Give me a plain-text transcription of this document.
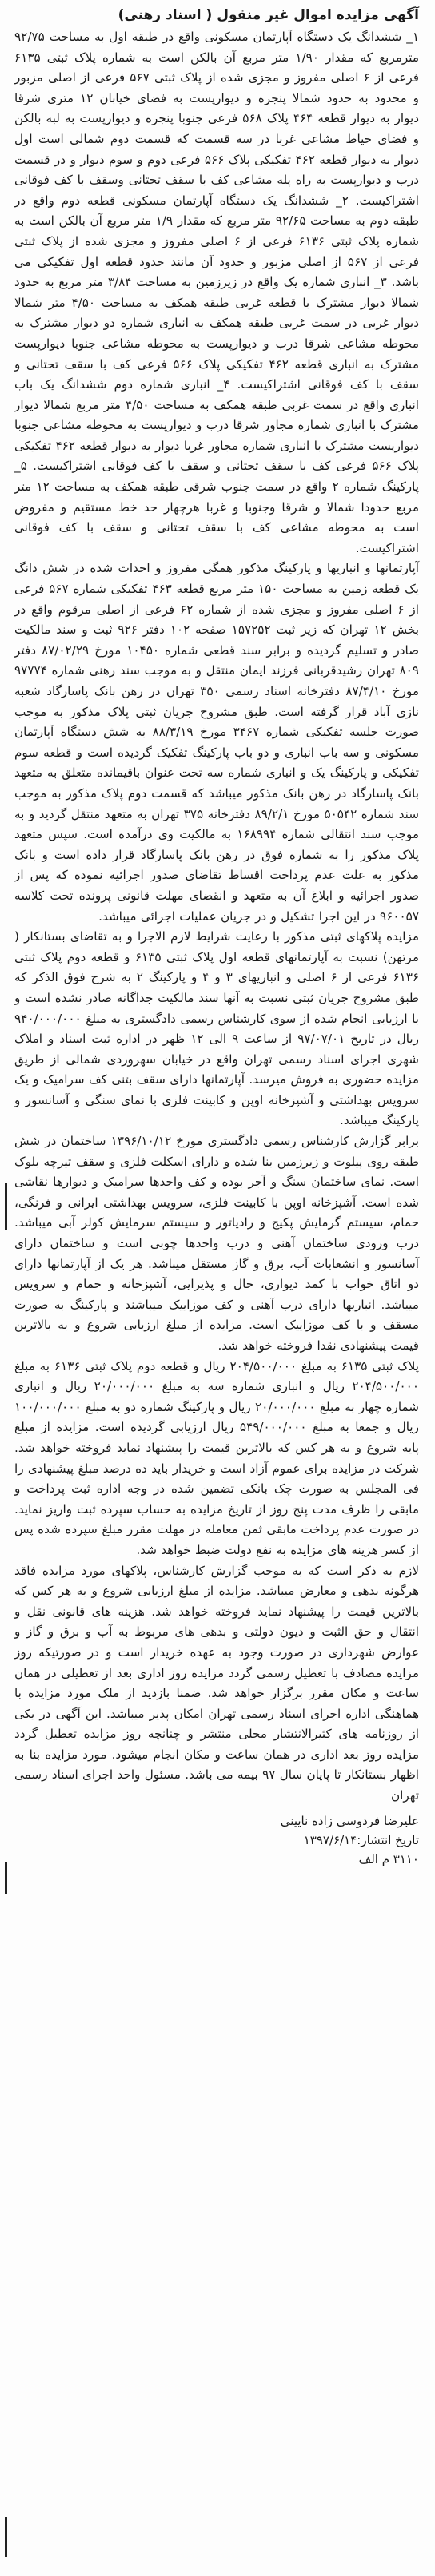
آگهی مزایده اموال غیر منقول ( اسناد رهنی)

۱_ ششدانگ یک دستگاه آپارتمان مسکونی واقع در طبقه اول به مساحت ۹۲/۷۵ مترمربع که مقدار ۱/۹۰ متر مربع آن بالکن است به شماره پلاک ثبتی ۶۱۳۵ فرعی از ۶ اصلی مفروز و مجزی شده از پلاک ثبتی ۵۶۷ فرعی از اصلی مزبور و محدود به حدود شمالا پنجره و دیوارپست به فضای خیابان ۱۲ متری شرقا دیوار به دیوار قطعه ۴۶۴ پلاک ۵۶۸ فرعی جنوبا پنجره و دیوارپست به لبه بالکن و فضای حیاط مشاعی غربا در سه قسمت که قسمت دوم شمالی است اول دیوار به دیوار قطعه ۴۶۲ تفکیکی پلاک ۵۶۶ فرعی دوم و سوم دیوار و در قسمت درب و دیوارپست به راه پله مشاعی کف با سقف تحتانی وسقف با کف فوقانی اشتراکیست. ۲_ ششدانگ یک دستگاه آپارتمان مسکونی قطعه دوم واقع در طبقه دوم به مساحت ۹۲/۶۵ متر مربع که مقدار ۱/۹ متر مربع آن بالکن است به شماره پلاک ثبتی ۶۱۳۶ فرعی از ۶ اصلی مفروز و مجزی شده از پلاک ثبتی فرعی از ۵۶۷ از اصلی مزبور و حدود آن مانند حدود قطعه اول تفکیکی می باشد. ۳_ انباری شماره یک واقع در زیرزمین به مساحت ۳/۸۴ متر مربع به حدود شمالا دیوار مشترک با قطعه غربی طبقه همکف به مساحت ۴/۵۰ متر شمالا دیوار غربی در سمت غربی طبقه همکف به انباری شماره دو دیوار مشترک به محوطه مشاعی شرقا درب و دیوارپست به محوطه مشاعی جنوبا دیوارپست مشترک به انباری قطعه ۴۶۲ تفکیکی پلاک ۵۶۶ فرعی کف با سقف تحتانی و سقف با کف فوقانی اشتراکیست. ۴_ انباری شماره دوم ششدانگ یک باب انباری واقع در سمت غربی طبقه همکف به مساحت ۴/۵۰ متر مربع شمالا دیوار مشترک با انباری شماره مجاور شرقا درب و دیوارپست به محوطه مشاعی جنوبا دیوارپست مشترک با انباری شماره مجاور غربا دیوار به دیوار قطعه ۴۶۲ تفکیکی پلاک ۵۶۶ فرعی کف با سقف تحتانی و سقف با کف فوقانی اشتراکیست. ۵_ پارکینگ شماره ۲ واقع در سمت جنوب شرقی طبقه همکف به مساحت ۱۲ متر مربع حدودا شمالا و شرقا وجنوبا و غربا هرچهار حد خط مستقیم و مفروض است به محوطه مشاعی کف با سقف تحتانی و سقف با کف فوقانی اشتراکیست.

آپارتمانها و انباریها و پارکینگ مذکور همگی مفروز و احداث شده در شش دانگ یک قطعه زمین به مساحت ۱۵۰ متر مربع قطعه ۴۶۳ تفکیکی شماره ۵۶۷ فرعی از ۶ اصلی مفروز و مجزی شده از شماره ۶۲ فرعی از اصلی مرقوم واقع در بخش ۱۲ تهران که زیر ثبت ۱۵۷۲۵۲ صفحه ۱۰۲ دفتر ۹۲۶ ثبت و سند مالکیت صادر و تسلیم گردیده و برابر سند قطعی شماره ۱۰۴۵۰ مورخ ۸۷/۰۲/۲۹ دفتر ۸۰۹ تهران رشیدقربانی فرزند ایمان منتقل و به موجب سند رهنی شماره ۹۷۷۷۴ مورخ ۸۷/۴/۱۰ دفترخانه اسناد رسمی ۳۵۰ تهران در رهن بانک پاسارگاد شعبه نازی آباد قرار گرفته است. طبق مشروح جریان ثبتی پلاک مذکور به موجب صورت جلسه تفکیکی شماره ۳۴۶۷ مورخ ۸۸/۳/۱۹ به شش دستگاه آپارتمان مسکونی و سه باب انباری و دو باب پارکینگ تفکیک گردیده است و قطعه سوم تفکیکی و پارکینگ یک و انباری شماره سه تحت عنوان باقیمانده متعلق به متعهد بانک پاسارگاد در رهن بانک مذکور میباشد که قسمت دوم پلاک مذکور به موجب سند شماره ۵۰۵۴۲ مورخ ۸۹/۲/۱ دفترخانه ۳۷۵ تهران به متعهد منتقل گردید و به موجب سند انتقالی شماره ۱۶۸۹۹۴ به مالکیت وی درآمده است. سپس متعهد پلاک مذکور را به شماره فوق در رهن بانک پاسارگاد قرار داده است و بانک مذکور به علت عدم پرداخت اقساط تقاضای صدور اجرائیه نموده که پس از صدور اجرائیه و ابلاغ آن به متعهد و انقضای مهلت قانونی پرونده تحت کلاسه ۹۶۰۰۵۷ در این اجرا تشکیل و در جریان عملیات اجرائی میباشد.

مزایده پلاکهای ثبتی مذکور با رعایت شرایط لازم الاجرا و به تقاضای بستانکار ( مرتهن) نسبت به آپارتمانهای قطعه اول پلاک ثبتی ۶۱۳۵ و قطعه دوم پلاک ثبتی ۶۱۳۶ فرعی از ۶ اصلی و انباریهای ۳ و ۴ و پارکینگ ۲ به شرح فوق الذکر که طبق مشروح جریان ثبتی نسبت به آنها سند مالکیت جداگانه صادر نشده است و با ارزیابی انجام شده از سوی کارشناس رسمی دادگستری به مبلغ ۹۴۰/۰۰۰/۰۰۰ ریال در تاریخ ۹۷/۰۷/۰۱ از ساعت ۹ الی ۱۲ ظهر در اداره ثبت اسناد و املاک شهری اجرای اسناد رسمی تهران واقع در خیابان سهروردی شمالی از طریق مزایده حضوری به فروش میرسد. آپارتمانها دارای سقف بتنی کف سرامیک و یک سرویس بهداشتی و آشپزخانه اوپن و کابینت فلزی با نمای سنگی و آسانسور و پارکینگ میباشد.

برابر گزارش کارشناس رسمی دادگستری مورخ ۱۳۹۶/۱۰/۱۲ ساختمان در شش طبقه روی پیلوت و زیرزمین بنا شده و دارای اسکلت فلزی و سقف تیرچه بلوک است. نمای ساختمان سنگ و آجر بوده و کف واحدها سرامیک و دیوارها نقاشی شده است. آشپزخانه اوپن با کابینت فلزی، سرویس بهداشتی ایرانی و فرنگی، حمام، سیستم گرمایش پکیج و رادیاتور و سیستم سرمایش کولر آبی میباشد. درب ورودی ساختمان آهنی و درب واحدها چوبی است و ساختمان دارای آسانسور و انشعابات آب، برق و گاز مستقل میباشد. هر یک از آپارتمانها دارای دو اتاق خواب با کمد دیواری، حال و پذیرایی، آشپزخانه و حمام و سرویس میباشد. انباریها دارای درب آهنی و کف موزاییک میباشند و پارکینگ به صورت مسقف و با کف موزاییک است. مزایده از مبلغ ارزیابی شروع و به بالاترین قیمت پیشنهادی نقدا فروخته خواهد شد.

پلاک ثبتی ۶۱۳۵ به مبلغ ۲۰۴/۵۰۰/۰۰۰ ریال و قطعه دوم پلاک ثبتی ۶۱۳۶ به مبلغ ۲۰۴/۵۰۰/۰۰۰ ریال و انباری شماره سه به مبلغ ۲۰/۰۰۰/۰۰۰ ریال و انباری شماره چهار به مبلغ ۲۰/۰۰۰/۰۰۰ ریال و پارکینگ شماره دو به مبلغ ۱۰۰/۰۰۰/۰۰۰ ریال و جمعا به مبلغ ۵۴۹/۰۰۰/۰۰۰ ریال ارزیابی گردیده است. مزایده از مبلغ پایه شروع و به هر کس که بالاترین قیمت را پیشنهاد نماید فروخته خواهد شد. شرکت در مزایده برای عموم آزاد است و خریدار باید ده درصد مبلغ پیشنهادی را فی المجلس به صورت چک بانکی تضمین شده در وجه اداره ثبت پرداخت و مابقی را ظرف مدت پنج روز از تاریخ مزایده به حساب سپرده ثبت واریز نماید. در صورت عدم پرداخت مابقی ثمن معامله در مهلت مقرر مبلغ سپرده شده پس از کسر هزینه های مزایده به نفع دولت ضبط خواهد شد.

لازم به ذکر است که به موجب گزارش کارشناس، پلاکهای مورد مزایده فاقد هرگونه بدهی و معارض میباشد. مزایده از مبلغ ارزیابی شروع و به هر کس که بالاترین قیمت را پیشنهاد نماید فروخته خواهد شد. هزینه های قانونی نقل و انتقال و حق الثبت و دیون دولتی و بدهی های مربوط به آب و برق و گاز و عوارض شهرداری در صورت وجود به عهده خریدار است و در صورتیکه روز مزایده مصادف با تعطیل رسمی گردد مزایده روز اداری بعد از تعطیلی در همان ساعت و مکان مقرر برگزار خواهد شد. ضمنا بازدید از ملک مورد مزایده با هماهنگی اداره اجرای اسناد رسمی تهران امکان پذیر میباشد. این آگهی در یکی از روزنامه های کثیرالانتشار محلی منتشر و چنانچه روز مزایده تعطیل گردد مزایده روز بعد اداری در همان ساعت و مکان انجام میشود. مورد مزایده بنا به اظهار بستانکار تا پایان سال ۹۷ بیمه می باشد. مسئول واحد اجرای اسناد رسمی تهران

علیرضا فردوسی زاده نایینی
تاریخ انتشار:۱۳۹۷/۶/۱۴
۳۱۱۰ م الف
